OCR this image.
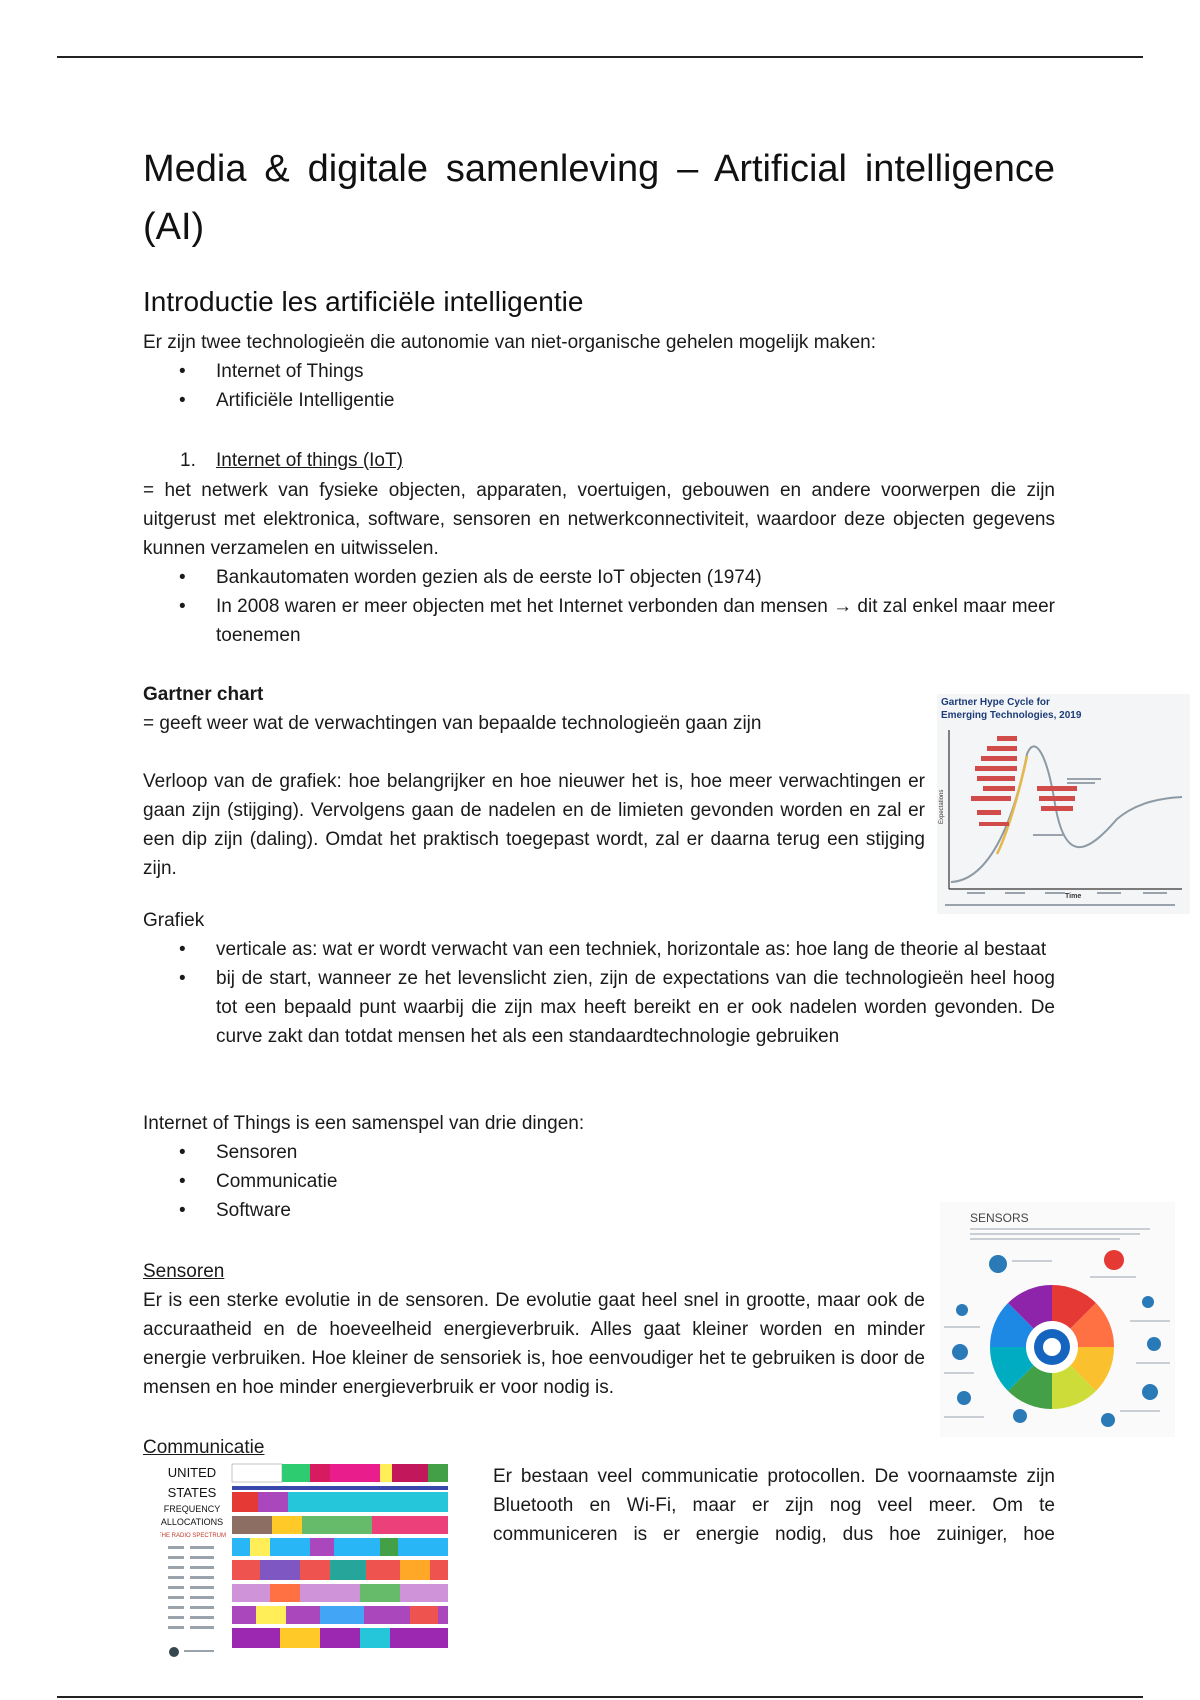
Media & digitale samenleving – Artificial intelligence (AI)
Introductie les artificiële intelligentie

Er zijn twee technologieën die autonomie van niet-organische gehelen mogelijk maken:

• Internet of Things
• Artificiële Intelligentie
1. Internet of things (IoT)

= het netwerk van fysieke objecten, apparaten, voertuigen, gebouwen en andere voorwerpen die zijn uitgerust met elektronica, software, sensoren en netwerkconnectiviteit, waardoor deze objecten gegevens kunnen verzamelen en uitwisselen.

• Bankautomaten worden gezien als de eerste IoT objecten (1974)
• In 2008 waren er meer objecten met het Internet verbonden dan mensen → dit zal enkel maar meer toenemen

Gartner chart

= geeft weer wat de verwachtingen van bepaalde technologieën gaan zijn

Verloop van de grafiek: hoe belangrijker en hoe nieuwer het is, hoe meer verwachtingen er gaan zijn (stijging). Vervolgens gaan de nadelen en de limieten gevonden worden en zal er een dip zijn (daling). Omdat het praktisch toegepast wordt, zal er daarna terug een stijging zijn.

Gartner Hype Cycle for
Emerging Technologies, 2019
Expectations
Time

Grafiek

• verticale as: wat er wordt verwacht van een techniek, horizontale as: hoe lang de theorie al bestaat
• bij de start, wanneer ze het levenslicht zien, zijn de expectations van die technologieën heel hoog tot een bepaald punt waarbij die zijn max heeft bereikt en er ook nadelen worden gevonden. De curve zakt dan totdat mensen het als een standaardtechnologie gebruiken

Internet of Things is een samenspel van drie dingen:

• Sensoren
• Communicatie
• Software

Sensoren

Er is een sterke evolutie in de sensoren. De evolutie gaat heel snel in grootte, maar ook de accuraatheid en de hoeveelheid energieverbruik. Alles gaat kleiner worden en minder energie verbruiken. Hoe kleiner de sensoriek is, hoe eenvoudiger het te gebruiken is door de mensen en hoe minder energieverbruik er voor nodig is.

SENSORS

Communicatie

Er bestaan veel communicatie protocollen. De voornaamste zijn Bluetooth en Wi-Fi, maar er zijn nog veel meer. Om te communiceren is er energie nodig, dus hoe zuiniger, hoe

UNITED
STATES
FREQUENCY
ALLOCATIONS
THE RADIO SPECTRUM
